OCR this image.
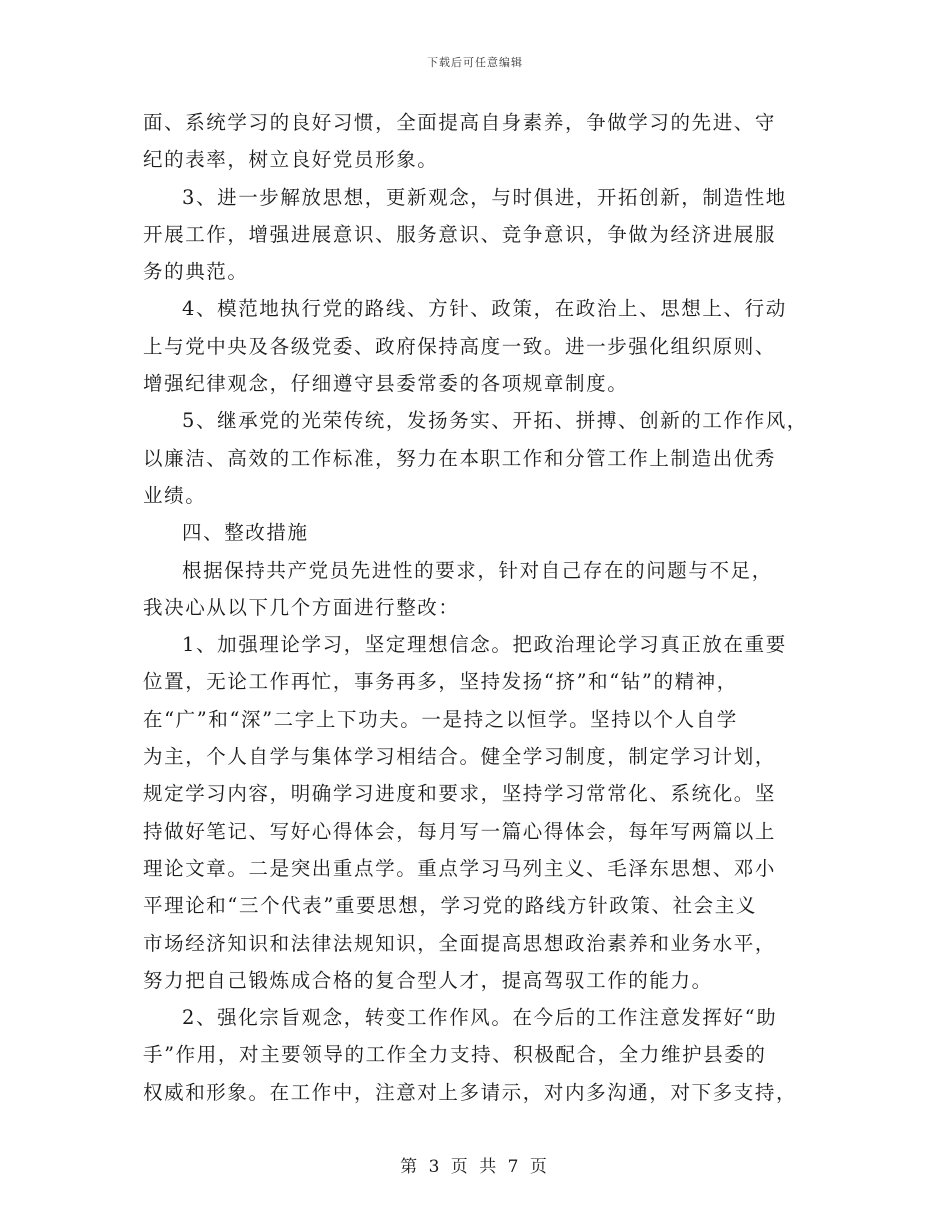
下载后可任意编辑

面、系统学习的良好习惯，全面提高自身素养，争做学习的先进、守
纪的表率，树立良好党员形象。

3、进一步解放思想，更新观念，与时俱进，开拓创新，制造性地
开展工作，增强进展意识、服务意识、竞争意识，争做为经济进展服
务的典范。

4、模范地执行党的路线、方针、政策，在政治上、思想上、行动
上与党中央及各级党委、政府保持高度一致。进一步强化组织原则、
增强纪律观念，仔细遵守县委常委的各项规章制度。

5、继承党的光荣传统，发扬务实、开拓、拼搏、创新的工作作风，
以廉洁、高效的工作标准，努力在本职工作和分管工作上制造出优秀
业绩。

四、整改措施

根据保持共产党员先进性的要求，针对自己存在的问题与不足，
我决心从以下几个方面进行整改：

1、加强理论学习，坚定理想信念。把政治理论学习真正放在重要
位置，无论工作再忙，事务再多，坚持发扬“挤”和“钻”的精神，
在“广”和“深”二字上下功夫。一是持之以恒学。坚持以个人自学
为主，个人自学与集体学习相结合。健全学习制度，制定学习计划，
规定学习内容，明确学习进度和要求，坚持学习常常化、系统化。坚
持做好笔记、写好心得体会，每月写一篇心得体会，每年写两篇以上
理论文章。二是突出重点学。重点学习马列主义、毛泽东思想、邓小
平理论和“三个代表”重要思想，学习党的路线方针政策、社会主义
市场经济知识和法律法规知识，全面提高思想政治素养和业务水平，
努力把自己锻炼成合格的复合型人才，提高驾驭工作的能力。

2、强化宗旨观念，转变工作作风。在今后的工作注意发挥好“助
手”作用，对主要领导的工作全力支持、积极配合，全力维护县委的
权威和形象。在工作中，注意对上多请示，对内多沟通，对下多支持，

第 3 页 共 7 页
